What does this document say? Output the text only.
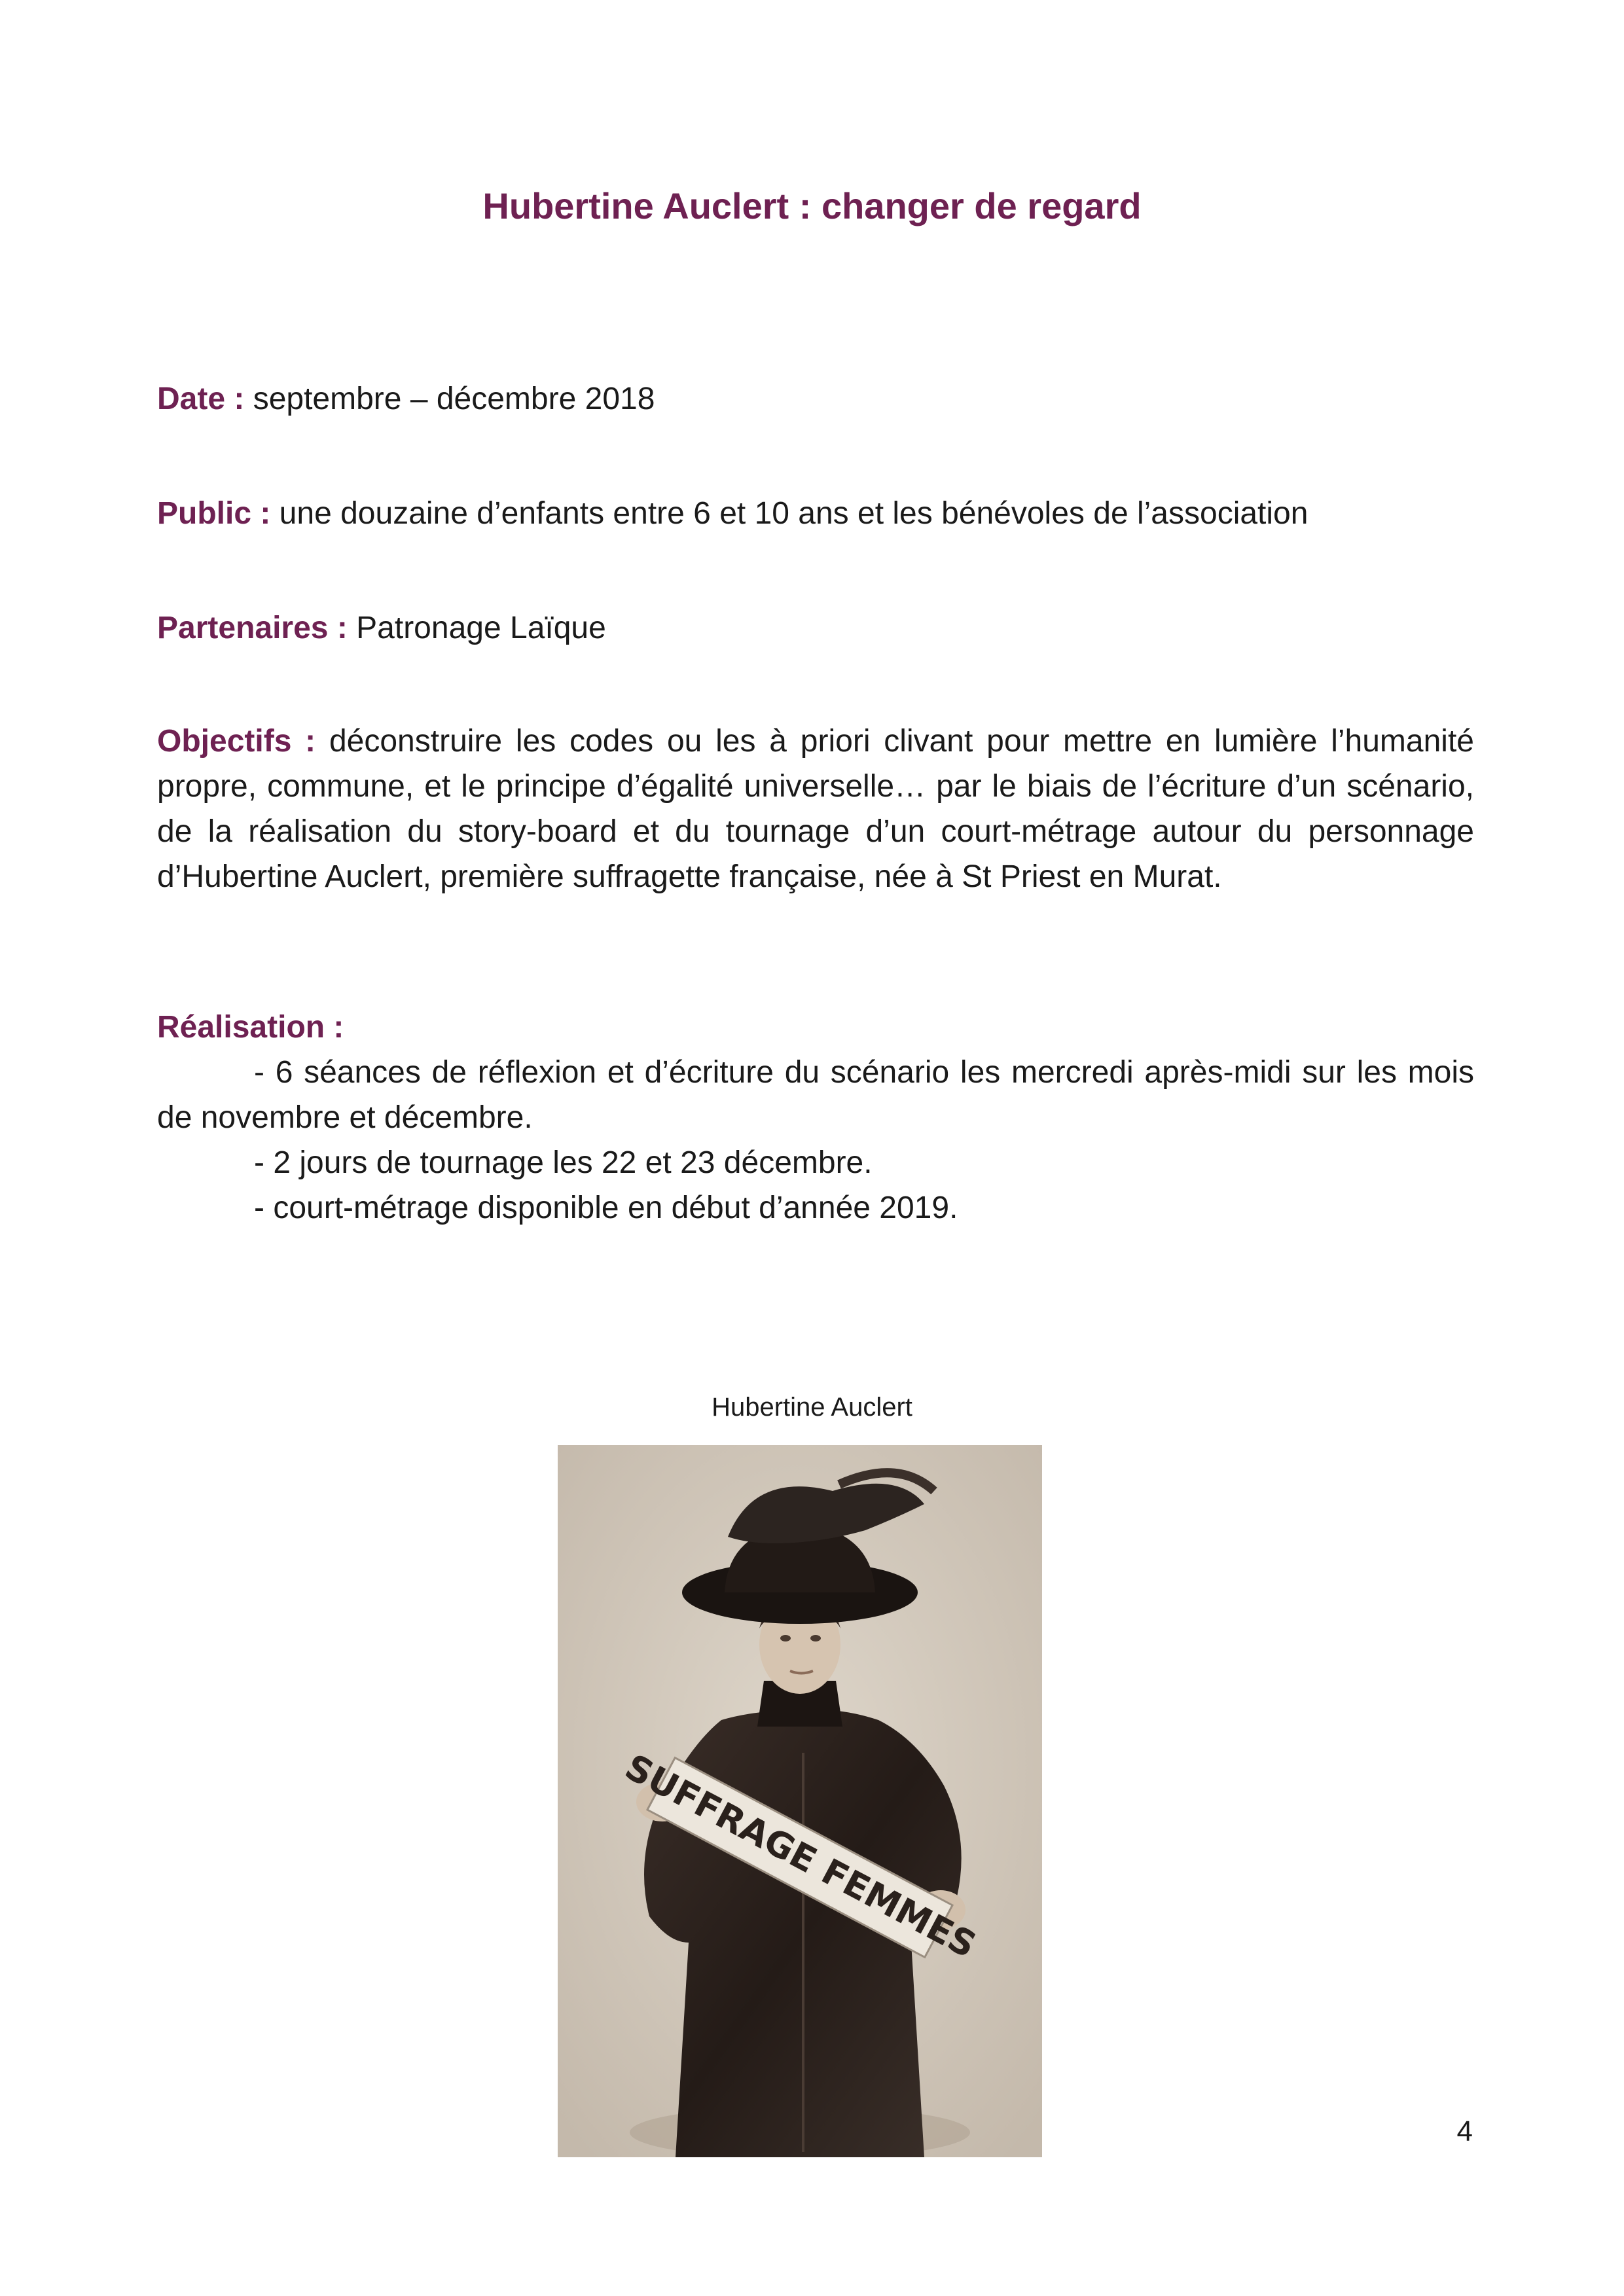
Hubertine Auclert : changer de regard

Date : septembre – décembre 2018

Public : une douzaine d’enfants entre 6 et 10 ans et les bénévoles de l’association

Partenaires : Patronage Laïque

Objectifs : déconstruire les codes ou les à priori clivant pour mettre en lumière l’humanité propre, commune, et le principe d’égalité universelle… par le biais de l’écriture d’un scénario, de la réalisation du story-board et du tournage d’un court-métrage autour du personnage d’Hubertine Auclert, première suffragette française, née à St Priest en Murat.

Réalisation :

- 6 séances de réflexion et d’écriture du scénario les mercredi après-midi sur les mois de novembre et décembre.
- 2 jours de tournage les 22 et 23 décembre.
- court-métrage disponible en début d’année 2019.
Hubertine Auclert
SUFFRAGE FEMMES
4
